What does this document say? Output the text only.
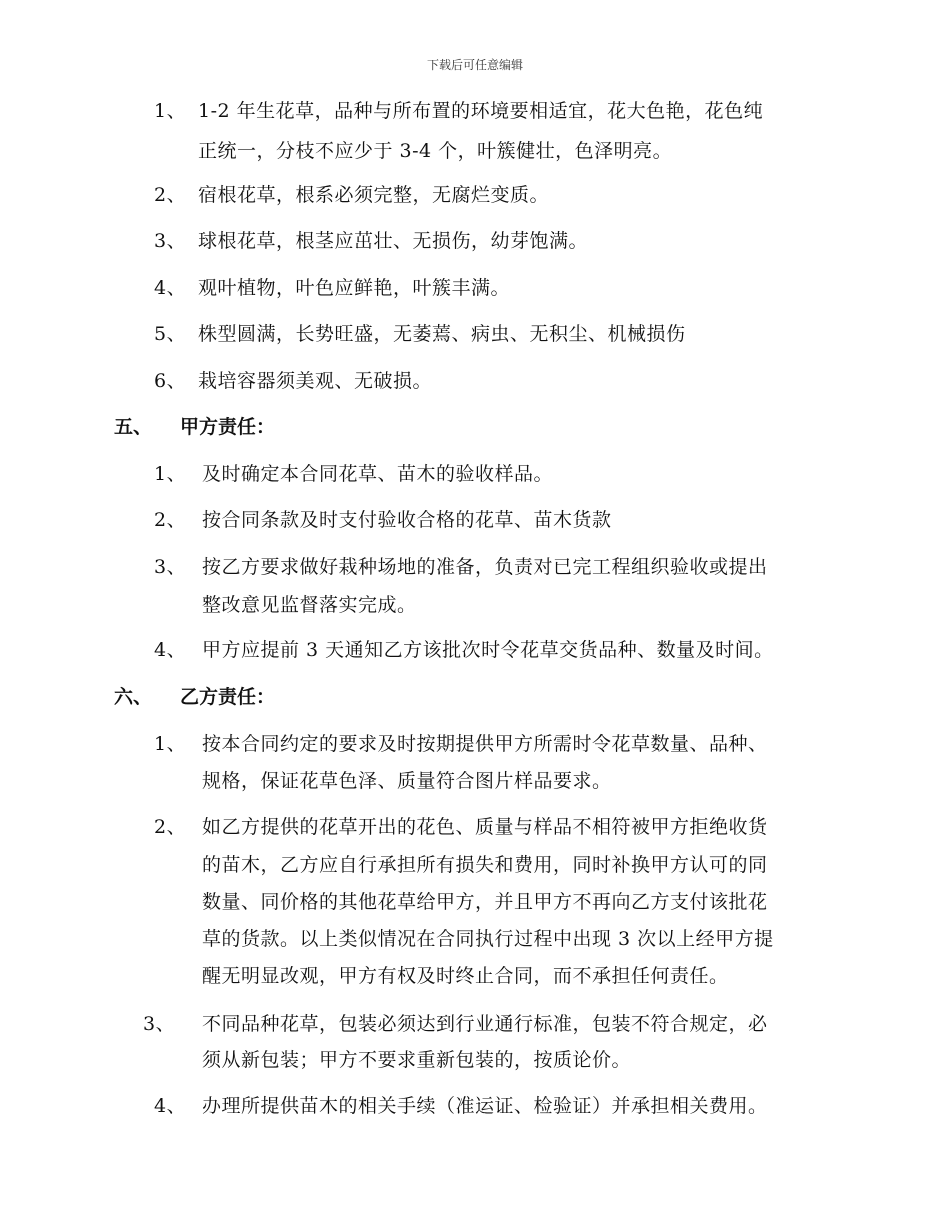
下载后可任意编辑
1、 1-2 年生花草，品种与所布置的环境要相适宜，花大色艳，花色纯
正统一，分枝不应少于 3-4 个，叶簇健壮，色泽明亮。
2、 宿根花草，根系必须完整，无腐烂变质。
3、 球根花草，根茎应茁壮、无损伤，幼芽饱满。
4、 观叶植物，叶色应鲜艳，叶簇丰满。
5、 株型圆满，长势旺盛，无萎蔫、病虫、无积尘、机械损伤
6、 栽培容器须美观、无破损。
五、 甲方责任：
1、 及时确定本合同花草、苗木的验收样品。
2、 按合同条款及时支付验收合格的花草、苗木货款
3、 按乙方要求做好栽种场地的准备，负责对已完工程组织验收或提出
整改意见监督落实完成。
4、 甲方应提前 3 天通知乙方该批次时令花草交货品种、数量及时间。
六、 乙方责任：
1、 按本合同约定的要求及时按期提供甲方所需时令花草数量、品种、
规格，保证花草色泽、质量符合图片样品要求。
2、 如乙方提供的花草开出的花色、质量与样品不相符被甲方拒绝收货
的苗木，乙方应自行承担所有损失和费用，同时补换甲方认可的同
数量、同价格的其他花草给甲方，并且甲方不再向乙方支付该批花
草的货款。以上类似情况在合同执行过程中出现 3 次以上经甲方提
醒无明显改观，甲方有权及时终止合同，而不承担任何责任。
3、 不同品种花草，包装必须达到行业通行标准，包装不符合规定，必
须从新包装；甲方不要求重新包装的，按质论价。
4、 办理所提供苗木的相关手续（准运证、检验证）并承担相关费用。
